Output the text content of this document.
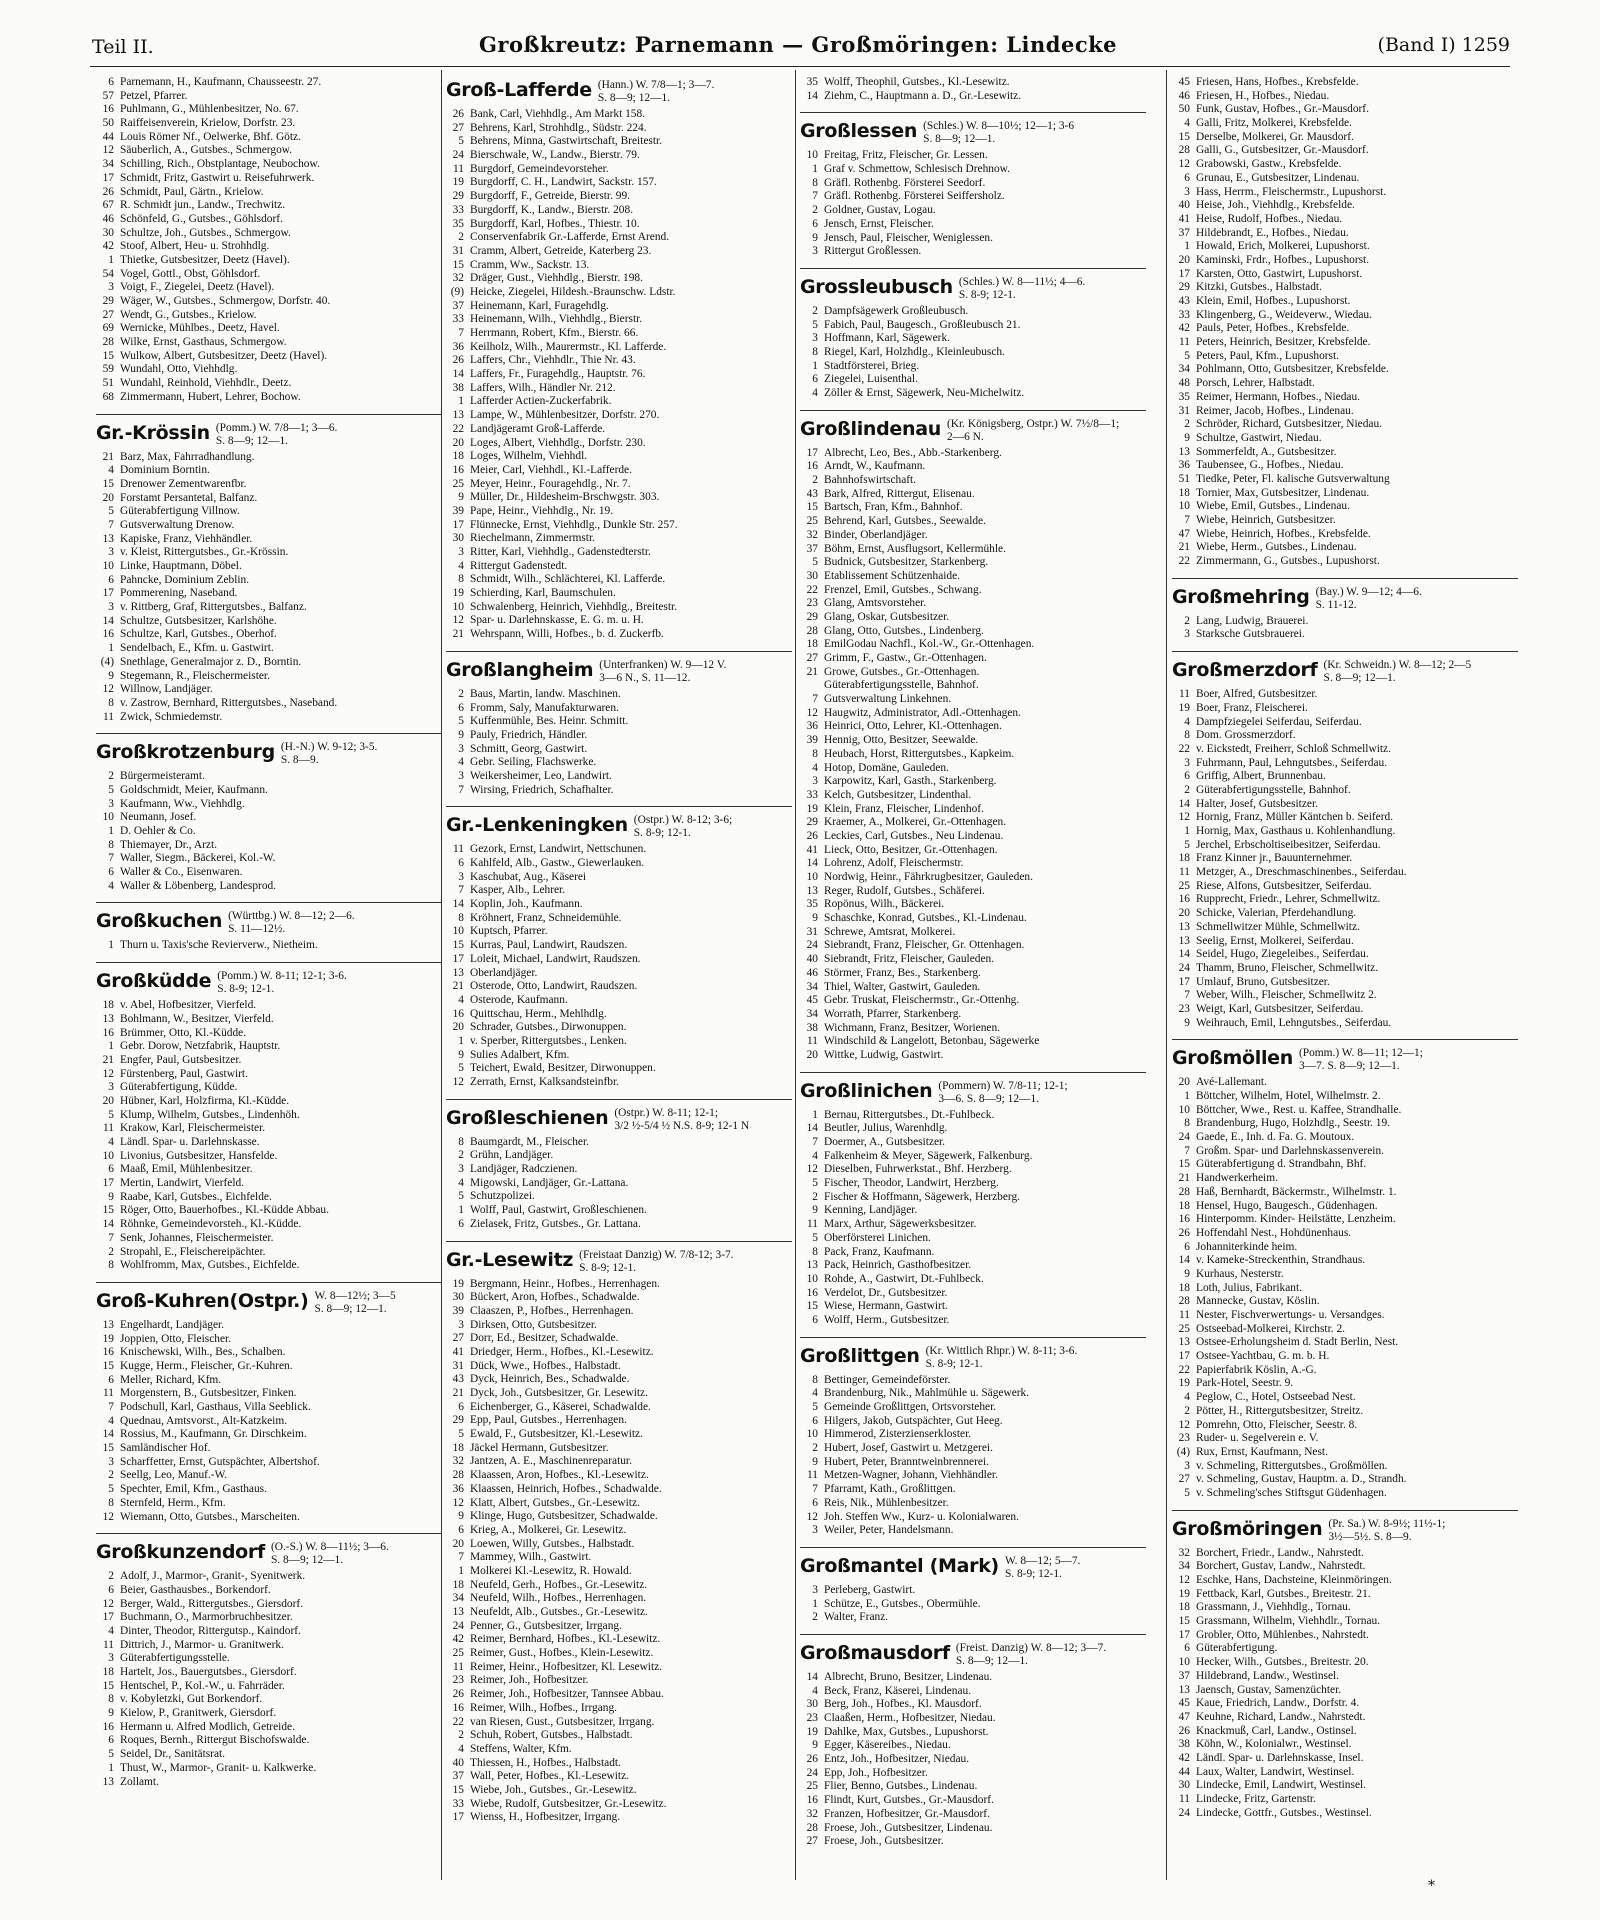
Teil II.	Großkreutz: Parnemann — Großmöringen: Lindecke	(Band I) 1259
6 Parnemann, H., Kaufmann, Chausseestr. 27.
57 Petzel, Pfarrer.
16 Puhlmann, G., Mühlenbesitzer, No. 67.
50 Raiffeisenverein, Krielow, Dorfstr. 23.
44 Louis Römer Nf., Oelwerke, Bhf. Götz.
12 Säuberlich, A., Gutsbes., Schmergow.
34 Schilling, Rich., Obstplantage, Neubochow.
17 Schmidt, Fritz, Gastwirt u. Reisefuhrwerk.
26 Schmidt, Paul, Gärtn., Krielow.
67 R. Schmidt jun., Landw., Trechwitz.
46 Schönfeld, G., Gutsbes., Göhlsdorf.
30 Schultze, Joh., Gutsbes., Schmergow.
42 Stoof, Albert, Heu- u. Strohhdlg.
1 Thietke, Gutsbesitzer, Deetz (Havel).
54 Vogel, Gottl., Obst, Göhlsdorf.
3 Voigt, F., Ziegelei, Deetz (Havel).
29 Wäger, W., Gutsbes., Schmergow, Dorfstr. 40.
27 Wendt, G., Gutsbes., Krielow.
69 Wernicke, Mühlbes., Deetz, Havel.
28 Wilke, Ernst, Gasthaus, Schmergow.
15 Wulkow, Albert, Gutsbesitzer, Deetz (Havel).
59 Wundahl, Otto, Viehhdlg.
51 Wundahl, Reinhold, Viehhdlr., Deetz.
68 Zimmermann, Hubert, Lehrer, Bochow.
Gr.-Krössin (Pomm.) W. 7/8—1; 3—6.
S. 8—9; 12—1.
21 Barz, Max, Fahrradhandlung.
4 Dominium Borntin.
15 Drenower Zementwarenfbr.
20 Forstamt Persantetal, Balfanz.
5 Güterabfertigung Villnow.
7 Gutsverwaltung Drenow.
13 Kapiske, Franz, Viehhändler.
3 v. Kleist, Rittergutsbes., Gr.-Krössin.
10 Linke, Hauptmann, Döbel.
6 Pahncke, Dominium Zeblin.
17 Pommerening, Naseband.
3 v. Rittberg, Graf, Rittergutsbes., Balfanz.
14 Schultze, Gutsbesitzer, Karlshöhe.
16 Schultze, Karl, Gutsbes., Oberhof.
1 Sendelbach, E., Kfm. u. Gastwirt.
(4) Snethlage, Generalmajor z. D., Borntin.
9 Stegemann, R., Fleischermeister.
12 Willnow, Landjäger.
8 v. Zastrow, Bernhard, Rittergutsbes., Naseband.
11 Zwick, Schmiedemstr.
Großkrotzenburg (H.-N.) W. 9-12; 3-5.
S. 8—9.
2 Bürgermeisteramt.
5 Goldschmidt, Meier, Kaufmann.
3 Kaufmann, Ww., Viehhdlg.
10 Neumann, Josef.
1 D. Oehler & Co.
8 Thiemayer, Dr., Arzt.
7 Waller, Siegm., Bäckerei, Kol.-W.
6 Waller & Co., Eisenwaren.
4 Waller & Löbenberg, Landesprod.
Großkuchen (Württbg.) W. 8—12; 2—6.
S. 11—12½.
1 Thurn u. Taxis'sche Revierverw., Nietheim.
Großküdde (Pomm.) W. 8-11; 12-1; 3-6.
S. 8-9; 12-1.
18 v. Abel, Hofbesitzer, Vierfeld.
13 Bohlmann, W., Besitzer, Vierfeld.
16 Brümmer, Otto, Kl.-Küdde.
1 Gebr. Dorow, Netzfabrik, Hauptstr.
21 Engfer, Paul, Gutsbesitzer.
12 Fürstenberg, Paul, Gastwirt.
3 Güterabfertigung, Küdde.
20 Hübner, Karl, Holzfirma, Kl.-Küdde.
5 Klump, Wilhelm, Gutsbes., Lindenhöh.
11 Krakow, Karl, Fleischermeister.
4 Ländl. Spar- u. Darlehnskasse.
10 Livonius, Gutsbesitzer, Hansfelde.
6 Maaß, Emil, Mühlenbesitzer.
17 Mertin, Landwirt, Vierfeld.
9 Raabe, Karl, Gutsbes., Eichfelde.
15 Röger, Otto, Bauerhofbes., Kl.-Küdde Abbau.
14 Röhnke, Gemeindevorsteh., Kl.-Küdde.
7 Senk, Johannes, Fleischermeister.
2 Stropahl, E., Fleischereipächter.
8 Wohlfromm, Max, Gutsbes., Eichfelde.
Groß-Kuhren(Ostpr.) W. 8—12½; 3—5
S. 8—9; 12—1.
13 Engelhardt, Landjäger.
19 Joppien, Otto, Fleischer.
16 Knischewski, Wilh., Bes., Schalben.
15 Kugge, Herm., Fleischer, Gr.-Kuhren.
6 Meller, Richard, Kfm.
11 Morgenstern, B., Gutsbesitzer, Finken.
7 Podschull, Karl, Gasthaus, Villa Seeblick.
4 Quednau, Amtsvorst., Alt-Katzkeim.
14 Rossius, M., Kaufmann, Gr. Dirschkeim.
15 Samländischer Hof.
3 Scharffetter, Ernst, Gutspächter, Albertshof.
2 Seellg, Leo, Manuf.-W.
5 Spechter, Emil, Kfm., Gasthaus.
8 Sternfeld, Herm., Kfm.
12 Wiemann, Otto, Gutsbes., Marscheiten.
Großkunzendorf (O.-S.) W. 8—11½; 3—6.
S. 8—9; 12—1.
2 Adolf, J., Marmor-, Granit-, Syenitwerk.
6 Beier, Gasthausbes., Borkendorf.
12 Berger, Wald., Rittergutsbes., Giersdorf.
17 Buchmann, O., Marmorbruchbesitzer.
4 Dinter, Theodor, Rittergutsp., Kaindorf.
11 Dittrich, J., Marmor- u. Granitwerk.
3 Güterabfertigungsstelle.
18 Hartelt, Jos., Bauergutsbes., Giersdorf.
15 Hentschel, P., Kol.-W., u. Fahrräder.
8 v. Kobyletzki, Gut Borkendorf.
9 Kielow, P., Granitwerk, Giersdorf.
16 Hermann u. Alfred Modlich, Getreide.
6 Roques, Bernh., Rittergut Bischofswalde.
5 Seidel, Dr., Sanitätsrat.
1 Thust, W., Marmor-, Granit- u. Kalkwerke.
13 Zollamt.
Groß-Lafferde (Hann.) W. 7/8—1; 3—7.
S. 8—9; 12—1.
26 Bank, Carl, Viehhdlg., Am Markt 158.
27 Behrens, Karl, Strohhdlg., Südstr. 224.
5 Behrens, Minna, Gastwirtschaft, Breitestr.
24 Bierschwale, W., Landw., Bierstr. 79.
11 Burgdorf, Gemeindevorsteher.
19 Burgdorff, C. H., Landwirt, Sackstr. 157.
29 Burgdorff, F., Getreide, Bierstr. 99.
33 Burgdorff, K., Landw., Bierstr. 208.
35 Burgdorff, Karl, Hofbes., Thiestr. 10.
2 Conservenfabrik Gr.-Lafferde, Ernst Arend.
31 Cramm, Albert, Getreide, Katerberg 23.
15 Cramm, Ww., Sackstr. 13.
32 Dräger, Gust., Viehhdlg., Bierstr. 198.
(9) Heicke, Ziegelei, Hildesh.-Braunschw. Ldstr.
37 Heinemann, Karl, Furagehdlg.
33 Heinemann, Wilh., Viehhdlg., Bierstr.
7 Herrmann, Robert, Kfm., Bierstr. 66.
36 Keilholz, Wilh., Maurermstr., Kl. Lafferde.
26 Laffers, Chr., Viehhdlr., Thie Nr. 43.
14 Laffers, Fr., Furagehdlg., Hauptstr. 76.
38 Laffers, Wilh., Händler Nr. 212.
1 Lafferder Actien-Zuckerfabrik.
13 Lampe, W., Mühlenbesitzer, Dorfstr. 270.
22 Landjägeramt Groß-Lafferde.
20 Loges, Albert, Viehhdlg., Dorfstr. 230.
18 Loges, Wilhelm, Viehhdl.
16 Meier, Carl, Viehhdl., Kl.-Lafferde.
25 Meyer, Heinr., Fouragehdlg., Nr. 7.
9 Müller, Dr., Hildesheim-Brschwgstr. 303.
39 Pape, Heinr., Viehhdlg., Nr. 19.
17 Flünnecke, Ernst, Viehhdlg., Dunkle Str. 257.
30 Riechelmann, Zimmermstr.
3 Ritter, Karl, Viehhdlg., Gadenstedterstr.
4 Rittergut Gadenstedt.
8 Schmidt, Wilh., Schlächterei, Kl. Lafferde.
19 Schierding, Karl, Baumschulen.
10 Schwalenberg, Heinrich, Viehhdlg., Breitestr.
12 Spar- u. Darlehnskasse, E. G. m. u. H.
21 Wehrspann, Willi, Hofbes., b. d. Zuckerfb.
Großlangheim (Unterfranken) W. 9—12 V.
3—6 N., S. 11—12.
2 Baus, Martin, landw. Maschinen.
6 Fromm, Saly, Manufakturwaren.
5 Kuffenmühle, Bes. Heinr. Schmitt.
9 Pauly, Friedrich, Händler.
3 Schmitt, Georg, Gastwirt.
4 Gebr. Seiling, Flachswerke.
3 Weikersheimer, Leo, Landwirt.
7 Wirsing, Friedrich, Schafhalter.
Gr.-Lenkeningken (Ostpr.) W. 8-12; 3-6;
S. 8-9; 12-1.
11 Gezork, Ernst, Landwirt, Nettschunen.
6 Kahlfeld, Alb., Gastw., Giewerlauken.
3 Kaschubat, Aug., Käserei
7 Kasper, Alb., Lehrer.
14 Koplin, Joh., Kaufmann.
8 Kröhnert, Franz, Schneidemühle.
10 Kuptsch, Pfarrer.
15 Kurras, Paul, Landwirt, Raudszen.
17 Loleit, Michael, Landwirt, Raudszen.
13 Oberlandjäger.
21 Osterode, Otto, Landwirt, Raudszen.
4 Osterode, Kaufmann.
16 Quittschau, Herm., Mehlhdlg.
20 Schrader, Gutsbes., Dirwonuppen.
1 v. Sperber, Rittergutsbes., Lenken.
9 Sulies Adalbert, Kfm.
5 Teichert, Ewald, Besitzer, Dirwonuppen.
12 Zerrath, Ernst, Kalksandsteinfbr.
Großleschienen (Ostpr.) W. 8-11; 12-1;
3/2 ½-5/4 ½ N.S. 8-9; 12-1 N
8 Baumgardt, M., Fleischer.
2 Grühn, Landjäger.
3 Landjäger, Radczienen.
4 Migowski, Landjäger, Gr.-Lattana.
5 Schutzpolizei.
1 Wolff, Paul, Gastwirt, Großleschienen.
6 Zielasek, Fritz, Gutsbes., Gr. Lattana.
Gr.-Lesewitz (Freistaat Danzig) W. 7/8-12; 3-7.
S. 8-9; 12-1.
19 Bergmann, Heinr., Hofbes., Herrenhagen.
30 Bückert, Aron, Hofbes., Schadwalde.
39 Claaszen, P., Hofbes., Herrenhagen.
3 Dirksen, Otto, Gutsbesitzer.
27 Dorr, Ed., Besitzer, Schadwalde.
41 Driedger, Herm., Hofbes., Kl.-Lesewitz.
31 Dück, Wwe., Hofbes., Halbstadt.
43 Dyck, Heinrich, Bes., Schadwalde.
21 Dyck, Joh., Gutsbesitzer, Gr. Lesewitz.
6 Eichenberger, G., Käserei, Schadwalde.
29 Epp, Paul, Gutsbes., Herrenhagen.
5 Ewald, F., Gutsbesitzer, Kl.-Lesewitz.
18 Jäckel Hermann, Gutsbesitzer.
32 Jantzen, A. E., Maschinenreparatur.
28 Klaassen, Aron, Hofbes., Kl.-Lesewitz.
36 Klaassen, Heinrich, Hofbes., Schadwalde.
12 Klatt, Albert, Gutsbes., Gr.-Lesewitz.
9 Klinge, Hugo, Gutsbesitzer, Schadwalde.
6 Krieg, A., Molkerei, Gr. Lesewitz.
20 Loewen, Willy, Gutsbes., Halbstadt.
7 Mammey, Wilh., Gastwirt.
1 Molkerei Kl.-Lesewitz, R. Howald.
18 Neufeld, Gerh., Hofbes., Gr.-Lesewitz.
34 Neufeld, Wilh., Hofbes., Herrenhagen.
13 Neufeldt, Alb., Gutsbes., Gr.-Lesewitz.
24 Penner, G., Gutsbesitzer, Irrgang.
42 Reimer, Bernhard, Hofbes., Kl.-Lesewitz.
25 Reimer, Gust., Hofbes., Klein-Lesewitz.
11 Reimer, Heinr., Hofbesitzer, Kl. Lesewitz.
23 Reimer, Joh., Hofbesitzer.
26 Reimer, Joh., Hofbesitzer, Tannsee Abbau.
16 Reimer, Wilh., Hofbes., Irrgang.
22 van Riesen, Gust., Gutsbesitzer, Irrgang.
2 Schuh, Robert, Gutsbes., Halbstadt.
4 Steffens, Walter, Kfm.
40 Thiessen, H., Hofbes., Halbstadt.
37 Wall, Peter, Hofbes., Kl.-Lesewitz.
15 Wiebe, Joh., Gutsbes., Gr.-Lesewitz.
33 Wiebe, Rudolf, Gutsbesitzer, Gr.-Lesewitz.
17 Wienss, H., Hofbesitzer, Irrgang.
35 Wolff, Theophil, Gutsbes., Kl.-Lesewitz.
14 Ziehm, C., Hauptmann a. D., Gr.-Lesewitz.
Großlessen (Schles.) W. 8—10½; 12—1; 3-6
S. 8—9; 12—1.
10 Freitag, Fritz, Fleischer, Gr. Lessen.
1 Graf v. Schmettow, Schlesisch Drehnow.
8 Gräfl. Rothenbg. Försterei Seedorf.
7 Gräfl. Rothenbg. Försterei Seiffersholz.
2 Goldner, Gustav, Logau.
6 Jensch, Ernst, Fleischer.
9 Jensch, Paul, Fleischer, Weniglessen.
3 Rittergut Großlessen.
Grossleubusch (Schles.) W. 8—11½; 4—6.
S. 8-9; 12-1.
2 Dampfsägewerk Großleubusch.
5 Fabich, Paul, Baugesch., Großleubusch 21.
3 Hoffmann, Karl, Sägewerk.
8 Riegel, Karl, Holzhdlg., Kleinleubusch.
1 Stadtförsterei, Brieg.
6 Ziegelei, Luisenthal.
4 Zöller & Ernst, Sägewerk, Neu-Michelwitz.
Großlindenau (Kr. Königsberg, Ostpr.) W. 7½/8—1;
2—6 N.
17 Albrecht, Leo, Bes., Abb.-Starkenberg.
16 Arndt, W., Kaufmann.
2 Bahnhofswirtschaft.
43 Bark, Alfred, Rittergut, Elisenau.
15 Bartsch, Fran, Kfm., Bahnhof.
25 Behrend, Karl, Gutsbes., Seewalde.
32 Binder, Oberlandjäger.
37 Böhm, Ernst, Ausflugsort, Kellermühle.
5 Budnick, Gutsbesitzer, Starkenberg.
30 Etablissement Schützenhaide.
22 Frenzel, Emil, Gutsbes., Schwang.
23 Glang, Amtsvorsteher.
29 Glang, Oskar, Gutsbesitzer.
28 Glang, Otto, Gutsbes., Lindenberg.
18 EmilGodau Nachfl., Kol.-W., Gr.-Ottenhagen.
27 Grimm, F., Gastw., Gr.-Ottenhagen.
21 Growe, Gutsbes., Gr.-Ottenhagen.
Güterabfertigungsstelle, Bahnhof.
7 Gutsverwaltung Linkehnen.
12 Haugwitz, Administrator, Adl.-Ottenhagen.
36 Heinrici, Otto, Lehrer, Kl.-Ottenhagen.
39 Hennig, Otto, Besitzer, Seewalde.
8 Heubach, Horst, Rittergutsbes., Kapkeim.
4 Hotop, Domäne, Gauleden.
3 Karpowitz, Karl, Gasth., Starkenberg.
33 Kelch, Gutsbesitzer, Lindenthal.
19 Klein, Franz, Fleischer, Lindenhof.
29 Kraemer, A., Molkerei, Gr.-Ottenhagen.
26 Leckies, Carl, Gutsbes., Neu Lindenau.
41 Lieck, Otto, Besitzer, Gr.-Ottenhagen.
14 Lohrenz, Adolf, Fleischermstr.
10 Nordwig, Heinr., Fährkrugbesitzer, Gauleden.
13 Reger, Rudolf, Gutsbes., Schäferei.
35 Ropönus, Wilh., Bäckerei.
9 Schaschke, Konrad, Gutsbes., Kl.-Lindenau.
31 Schrewe, Amtsrat, Molkerei.
24 Siebrandt, Franz, Fleischer, Gr. Ottenhagen.
40 Siebrandt, Fritz, Fleischer, Gauleden.
46 Störmer, Franz, Bes., Starkenberg.
34 Thiel, Walter, Gastwirt, Gauleden.
45 Gebr. Truskat, Fleischermstr., Gr.-Ottenhg.
34 Worrath, Pfarrer, Starkenberg.
38 Wichmann, Franz, Besitzer, Worienen.
11 Windschild & Langelott, Betonbau, Sägewerke
20 Wittke, Ludwig, Gastwirt.
Großlinichen (Pommern) W. 7/8-11; 12-1;
3—6. S. 8—9; 12—1.
1 Bernau, Rittergutsbes., Dt.-Fuhlbeck.
14 Beutler, Julius, Warenhdlg.
7 Doermer, A., Gutsbesitzer.
4 Falkenheim & Meyer, Sägewerk, Falkenburg.
12 Dieselben, Fuhrwerkstat., Bhf. Herzberg.
5 Fischer, Theodor, Landwirt, Herzberg.
2 Fischer & Hoffmann, Sägewerk, Herzberg.
9 Kenning, Landjäger.
11 Marx, Arthur, Sägewerksbesitzer.
5 Oberförsterei Linichen.
8 Pack, Franz, Kaufmann.
13 Pack, Heinrich, Gasthofbesitzer.
10 Rohde, A., Gastwirt, Dt.-Fuhlbeck.
16 Verdelot, Dr., Gutsbesitzer.
15 Wiese, Hermann, Gastwirt.
6 Wolff, Herm., Gutsbesitzer.
Großlittgen (Kr. Wittlich Rhpr.) W. 8-11; 3-6.
S. 8-9; 12-1.
8 Bettinger, Gemeindeförster.
4 Brandenburg, Nik., Mahlmühle u. Sägewerk.
5 Gemeinde Großlittgen, Ortsvorsteher.
6 Hilgers, Jakob, Gutspächter, Gut Heeg.
10 Himmerod, Zisterzienserkloster.
2 Hubert, Josef, Gastwirt u. Metzgerei.
9 Hubert, Peter, Branntweinbrennerei.
11 Metzen-Wagner, Johann, Viehhändler.
7 Pfarramt, Kath., Großlittgen.
6 Reis, Nik., Mühlenbesitzer.
12 Joh. Steffen Ww., Kurz- u. Kolonialwaren.
3 Weiler, Peter, Handelsmann.
Großmantel (Mark) W. 8—12; 5—7.
S. 8-9; 12-1.
3 Perleberg, Gastwirt.
1 Schütze, E., Gutsbes., Obermühle.
2 Walter, Franz.
Großmausdorf (Freist. Danzig) W. 8—12; 3—7.
S. 8—9; 12—1.
14 Albrecht, Bruno, Besitzer, Lindenau.
4 Beck, Franz, Käserei, Lindenau.
30 Berg, Joh., Hofbes., Kl. Mausdorf.
23 Claaßen, Herm., Hofbesitzer, Niedau.
19 Dahlke, Max, Gutsbes., Lupushorst.
9 Egger, Käsereibes., Niedau.
26 Entz, Joh., Hofbesitzer, Niedau.
24 Epp, Joh., Hofbesitzer.
25 Flier, Benno, Gutsbes., Lindenau.
16 Flindt, Kurt, Gutsbes., Gr.-Mausdorf.
32 Franzen, Hofbesitzer, Gr.-Mausdorf.
28 Froese, Joh., Gutsbesitzer, Lindenau.
27 Froese, Joh., Gutsbesitzer.
45 Friesen, Hans, Hofbes., Krebsfelde.
46 Friesen, H., Hofbes., Niedau.
50 Funk, Gustav, Hofbes., Gr.-Mausdorf.
4 Galli, Fritz, Molkerei, Krebsfelde.
15 Derselbe, Molkerei, Gr. Mausdorf.
28 Galli, G., Gutsbesitzer, Gr.-Mausdorf.
12 Grabowski, Gastw., Krebsfelde.
6 Grunau, E., Gutsbesitzer, Lindenau.
3 Hass, Herrm., Fleischermstr., Lupushorst.
40 Heise, Joh., Viehhdlg., Krebsfelde.
41 Heise, Rudolf, Hofbes., Niedau.
37 Hildebrandt, E., Hofbes., Niedau.
1 Howald, Erich, Molkerei, Lupushorst.
20 Kaminski, Frdr., Hofbes., Lupushorst.
17 Karsten, Otto, Gastwirt, Lupushorst.
29 Kitzki, Gutsbes., Halbstadt.
43 Klein, Emil, Hofbes., Lupushorst.
33 Klingenberg, G., Weideverw., Wiedau.
42 Pauls, Peter, Hofbes., Krebsfelde.
11 Peters, Heinrich, Besitzer, Krebsfelde.
5 Peters, Paul, Kfm., Lupushorst.
34 Pohlmann, Otto, Gutsbesitzer, Krebsfelde.
48 Porsch, Lehrer, Halbstadt.
35 Reimer, Hermann, Hofbes., Niedau.
31 Reimer, Jacob, Hofbes., Lindenau.
2 Schröder, Richard, Gutsbesitzer, Niedau.
9 Schultze, Gastwirt, Niedau.
13 Sommerfeldt, A., Gutsbesitzer.
36 Taubensee, G., Hofbes., Niedau.
51 Tiedke, Peter, Fl. kalische Gutsverwaltung
18 Tornier, Max, Gutsbesitzer, Lindenau.
10 Wiebe, Emil, Gutsbes., Lindenau.
7 Wiebe, Heinrich, Gutsbesitzer.
47 Wiebe, Heinrich, Hofbes., Krebsfelde.
21 Wiebe, Herm., Gutsbes., Lindenau.
22 Zimmermann, G., Gutsbes., Lupushorst.
Großmehring (Bay.) W. 9—12; 4—6.
S. 11-12.
2 Lang, Ludwig, Brauerei.
3 Starksche Gutsbrauerei.
Großmerzdorf (Kr. Schweidn.) W. 8—12; 2—5
S. 8—9; 12—1.
11 Boer, Alfred, Gutsbesitzer.
19 Boer, Franz, Fleischerei.
4 Dampfziegelei Seiferdau, Seiferdau.
8 Dom. Grossmerzdorf.
22 v. Eickstedt, Freiherr, Schloß Schmellwitz.
3 Fuhrmann, Paul, Lehngutsbes., Seiferdau.
6 Griffig, Albert, Brunnenbau.
2 Güterabfertigungsstelle, Bahnhof.
14 Halter, Josef, Gutsbesitzer.
12 Hornig, Franz, Müller Käntchen b. Seiferd.
1 Hornig, Max, Gasthaus u. Kohlenhandlung.
5 Jerchel, Erbscholtiseibesitzer, Seiferdau.
18 Franz Kinner jr., Bauunternehmer.
11 Metzger, A., Dreschmaschinenbes., Seiferdau.
25 Riese, Alfons, Gutsbesitzer, Seiferdau.
16 Rupprecht, Friedr., Lehrer, Schmellwitz.
20 Schicke, Valerian, Pferdehandlung.
13 Schmellwitzer Mühle, Schmellwitz.
13 Seelig, Ernst, Molkerei, Seiferdau.
14 Seidel, Hugo, Ziegeleibes., Seiferdau.
24 Thamm, Bruno, Fleischer, Schmellwitz.
17 Umlauf, Bruno, Gutsbesitzer.
7 Weber, Wilh., Fleischer, Schmellwitz 2.
23 Weigt, Karl, Gutsbesitzer, Seiferdau.
9 Weihrauch, Emil, Lehngutsbes., Seiferdau.
Großmöllen (Pomm.) W. 8—11; 12—1;
3—7. S. 8—9; 12—1.
20 Avé-Lallemant.
1 Böttcher, Wilhelm, Hotel, Wilhelmstr. 2.
10 Böttcher, Wwe., Rest. u. Kaffee, Strandhalle.
8 Brandenburg, Hugo, Holzhdlg., Seestr. 19.
24 Gaede, E., Inh. d. Fa. G. Moutoux.
7 Großm. Spar- und Darlehnskassenverein.
15 Güterabfertigung d. Strandbahn, Bhf.
21 Handwerkerheim.
28 Haß, Bernhardt, Bäckermstr., Wilhelmstr. 1.
18 Hensel, Hugo, Baugesch., Güdenhagen.
16 Hinterpomm. Kinder- Heilstätte, Lenzheim.
26 Hoffendahl Nest., Hohdünenhaus.
6 Johanniterkinde heim.
14 v. Kameke-Streckenthin, Strandhaus.
9 Kurhaus, Nesterstr.
18 Loth, Julius, Fabrikant.
28 Mannecke, Gustav, Köslin.
11 Nester, Fischverwertungs- u. Versandges.
25 Ostseebad-Molkerei, Kirchstr. 2.
13 Ostsee-Erholungsheim d. Stadt Berlin, Nest.
17 Ostsee-Yachtbau, G. m. b. H.
22 Papierfabrik Köslin, A.-G.
19 Park-Hotel, Seestr. 9.
4 Peglow, C., Hotel, Ostseebad Nest.
2 Pötter, H., Rittergutsbesitzer, Streitz.
12 Pomrehn, Otto, Fleischer, Seestr. 8.
23 Ruder- u. Segelverein e. V.
(4) Rux, Ernst, Kaufmann, Nest.
3 v. Schmeling, Rittergutsbes., Großmöllen.
27 v. Schmeling, Gustav, Hauptm. a. D., Strandh.
5 v. Schmeling'sches Stiftsgut Güdenhagen.
Großmöringen (Pr. Sa.) W. 8-9½; 11½-1;
3½—5½. S. 8—9.
32 Borchert, Friedr., Landw., Nahrstedt.
34 Borchert, Gustav, Landw., Nahrstedt.
12 Eschke, Hans, Dachsteine, Kleinmöringen.
19 Fettback, Karl, Gutsbes., Breitestr. 21.
18 Grassmann, J., Viehhdlg., Tornau.
15 Grassmann, Wilhelm, Viehhdlr., Tornau.
17 Grobler, Otto, Mühlenbes., Nahrstedt.
6 Güterabfertigung.
10 Hecker, Wilh., Gutsbes., Breitestr. 20.
37 Hildebrand, Landw., Westinsel.
13 Jaensch, Gustav, Samenzüchter.
45 Kaue, Friedrich, Landw., Dorfstr. 4.
47 Keuhne, Richard, Landw., Nahrstedt.
26 Knackmuß, Carl, Landw., Ostinsel.
38 Köhn, W., Kolonialwr., Westinsel.
42 Ländl. Spar- u. Darlehnskasse, Insel.
44 Laux, Walter, Landwirt, Westinsel.
30 Lindecke, Emil, Landwirt, Westinsel.
11 Lindecke, Fritz, Gartenstr.
24 Lindecke, Gottfr., Gutsbes., Westinsel.
*
